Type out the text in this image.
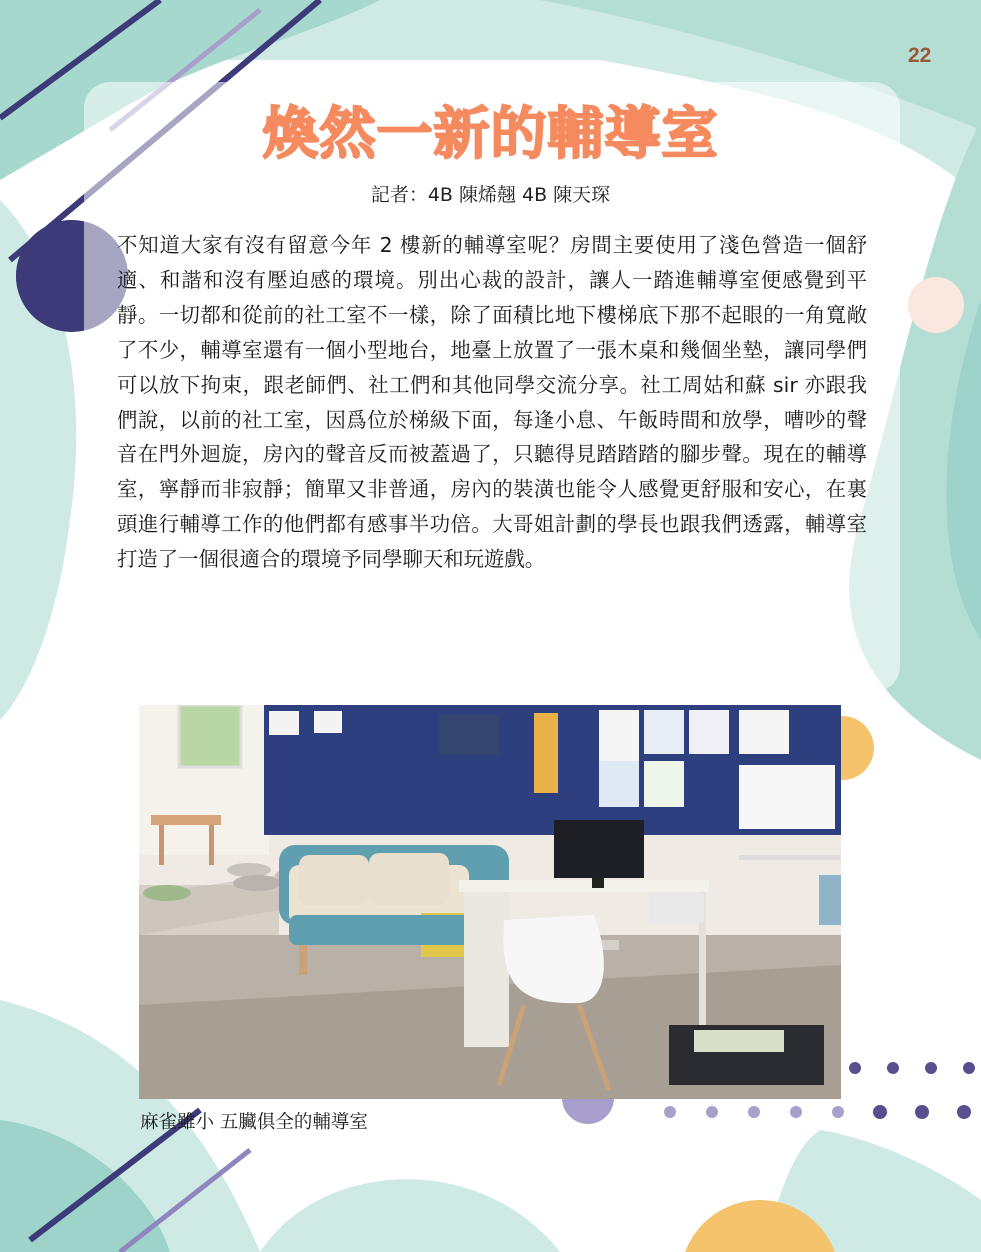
22
煥然一新的輔導室
記者：4B 陳烯翹 4B 陳天琛
不知道大家有沒有留意今年 2 樓新的輔導室呢？房間主要使用了淺色營造一個舒適、和諧和沒有壓迫感的環境。別出心裁的設計，讓人一踏進輔導室便感覺到平靜。一切都和從前的社工室不一樣，除了面積比地下樓梯底下那不起眼的一角寬敞了不少，輔導室還有一個小型地台，地臺上放置了一張木桌和幾個坐墊，讓同學們可以放下拘束，跟老師們、社工們和其他同學交流分享。社工周姑和蘇 sir 亦跟我們說，以前的社工室，因爲位於梯級下面，每逢小息、午飯時間和放學，嘈吵的聲音在門外迴旋，房內的聲音反而被蓋過了，只聽得見踏踏踏的腳步聲。現在的輔導室，寧靜而非寂靜；簡單又非普通，房內的裝潢也能令人感覺更舒服和安心，在裏頭進行輔導工作的他們都有感事半功倍。大哥姐計劃的學長也跟我們透露，輔導室打造了一個很適合的環境予同學聊天和玩遊戲。
麻雀雖小 五臟俱全的輔導室
